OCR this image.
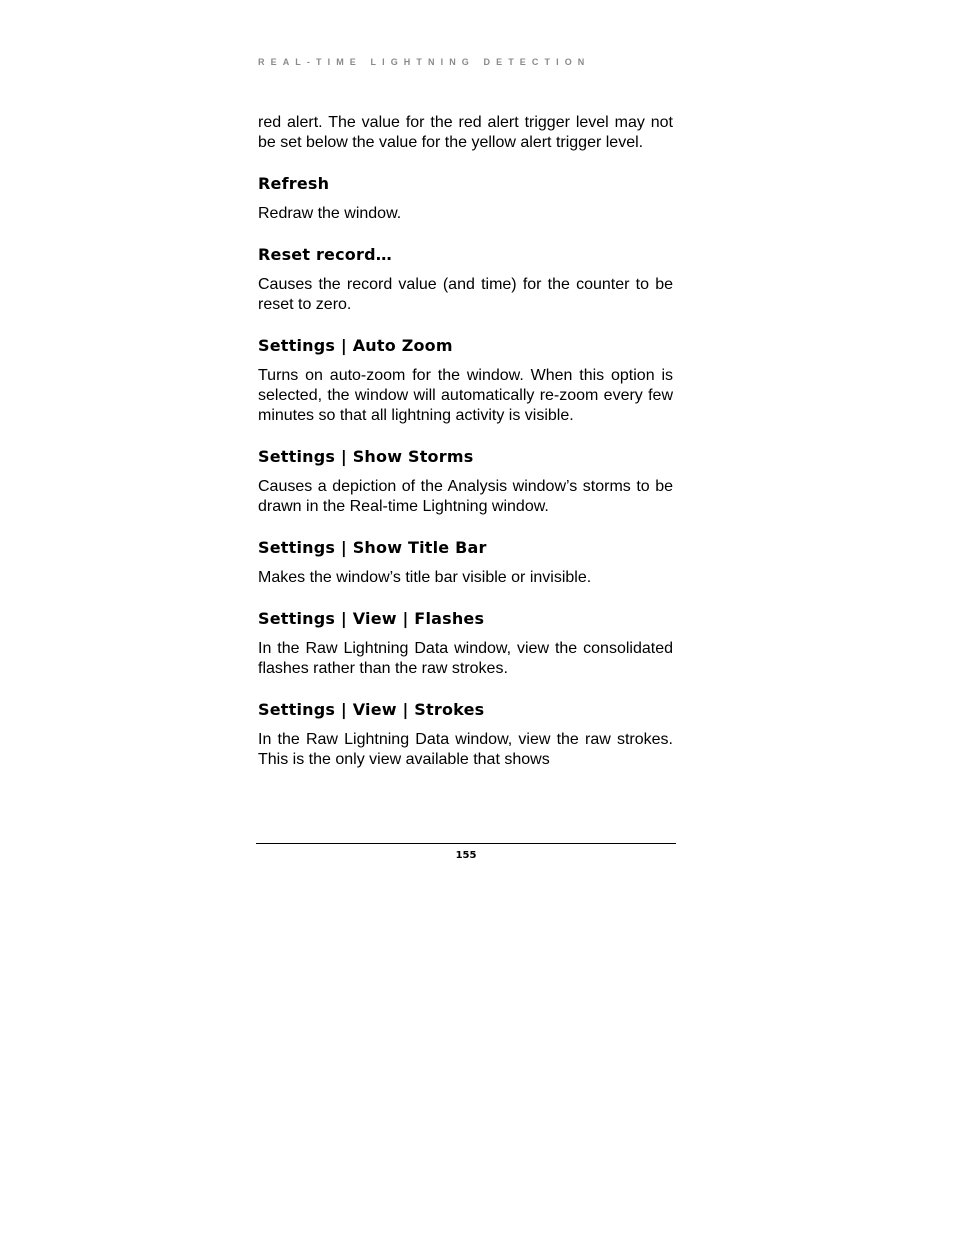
REAL-TIME LIGHTNING DETECTION

red alert. The value for the red alert trigger level may not be set below the value for the yellow alert trigger level.

Refresh

Redraw the window.

Reset record…

Causes the record value (and time) for the counter to be reset to zero.

Settings | Auto Zoom

Turns on auto-zoom for the window. When this option is selected, the window will automatically re-zoom every few minutes so that all lightning activity is visible.

Settings | Show Storms

Causes a depiction of the Analysis window’s storms to be drawn in the Real-time Lightning window.

Settings | Show Title Bar

Makes the window’s title bar visible or invisible.

Settings | View | Flashes

In the Raw Lightning Data window, view the consolidated flashes rather than the raw strokes.

Settings | View | Strokes

In the Raw Lightning Data window, view the raw strokes. This is the only view available that shows

155
